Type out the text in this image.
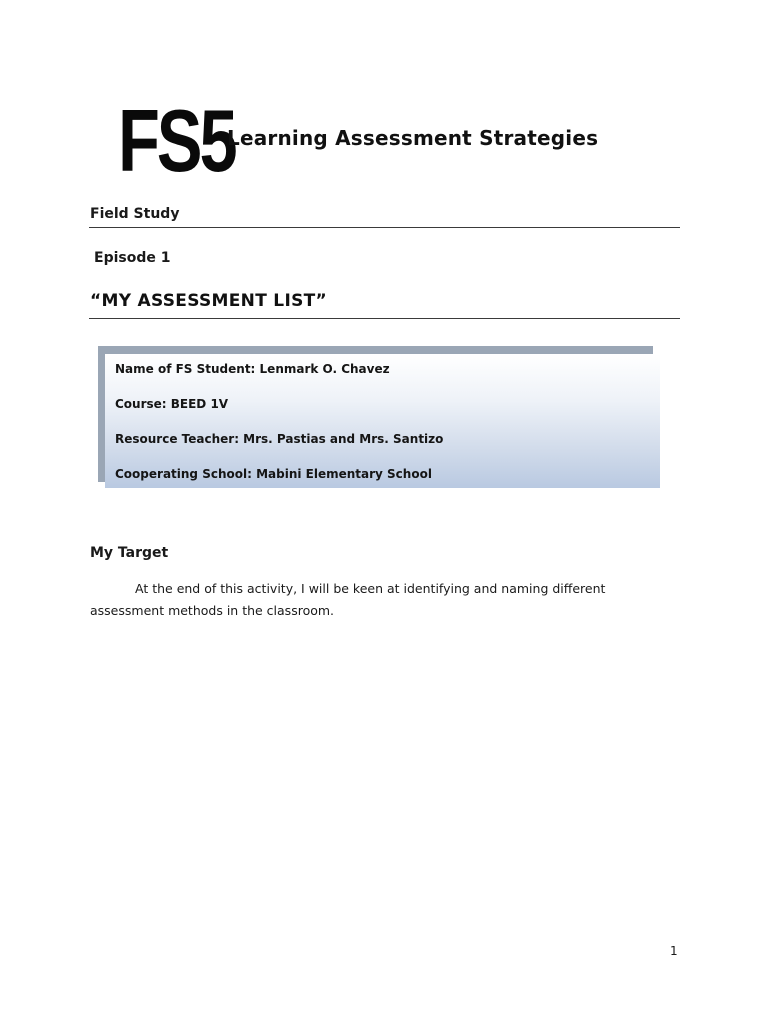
FS5
Learning Assessment Strategies
Field Study
Episode 1
“MY ASSESSMENT LIST”
Name of FS Student: Lenmark O. Chavez
Course: BEED 1V
Resource Teacher: Mrs. Pastias and Mrs. Santizo
Cooperating School: Mabini Elementary School
My Target
At the end of this activity, I will be keen at identifying and naming different assessment methods in the classroom.
1
